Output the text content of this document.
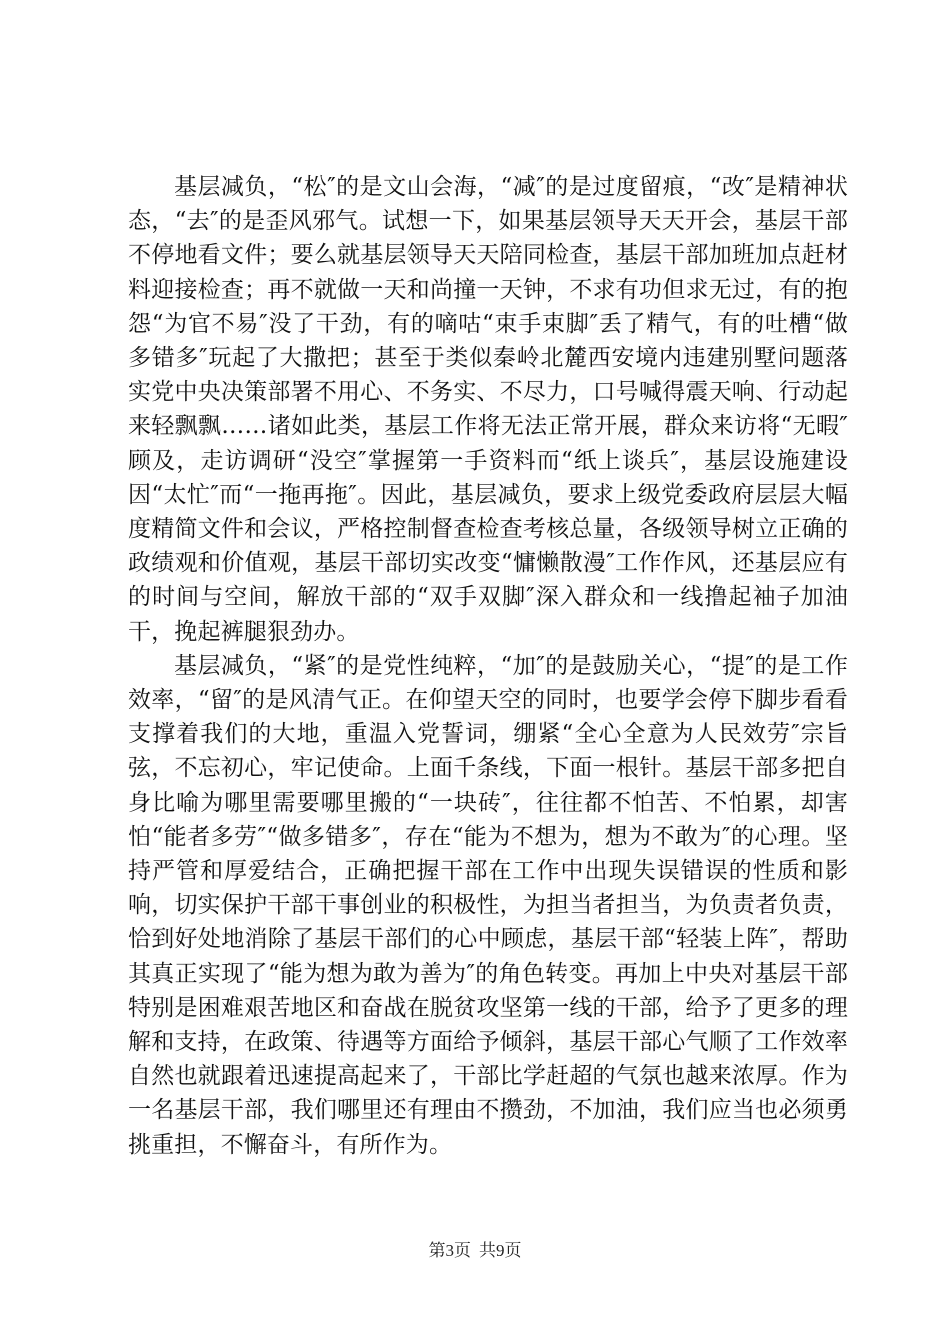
基层减负，“松″的是文山会海，“减″的是过度留痕，“改″是精神状态，“去″的是歪风邪气。试想一下，如果基层领导天天开会，基层干部不停地看文件；要么就基层领导天天陪同检查，基层干部加班加点赶材料迎接检查；再不就做一天和尚撞一天钟，不求有功但求无过，有的抱怨“为官不易″没了干劲，有的嘀咕“束手束脚″丢了精气，有的吐槽“做多错多″玩起了大撒把；甚至于类似秦岭北麓西安境内违建别墅问题落实党中央决策部署不用心、不务实、不尽力，口号喊得震天响、行动起来轻飘飘……诸如此类，基层工作将无法正常开展，群众来访将“无暇″顾及，走访调研“没空″掌握第一手资料而“纸上谈兵″，基层设施建设因“太忙″而“一拖再拖″。因此，基层减负，要求上级党委政府层层大幅度精简文件和会议，严格控制督查检查考核总量，各级领导树立正确的政绩观和价值观，基层干部切实改变“慵懒散漫″工作作风，还基层应有的时间与空间，解放干部的“双手双脚″深入群众和一线撸起袖子加油干，挽起裤腿狠劲办。

基层减负，“紧″的是党性纯粹，“加″的是鼓励关心，“提″的是工作效率，“留″的是风清气正。在仰望天空的同时，也要学会停下脚步看看支撑着我们的大地，重温入党誓词，绷紧“全心全意为人民效劳″宗旨弦，不忘初心，牢记使命。上面千条线，下面一根针。基层干部多把自身比喻为哪里需要哪里搬的“一块砖″，往往都不怕苦、不怕累，却害怕“能者多劳″“做多错多″，存在“能为不想为，想为不敢为″的心理。坚持严管和厚爱结合，正确把握干部在工作中出现失误错误的性质和影响，切实保护干部干事创业的积极性，为担当者担当，为负责者负责，恰到好处地消除了基层干部们的心中顾虑，基层干部“轻装上阵″，帮助其真正实现了“能为想为敢为善为″的角色转变。再加上中央对基层干部特别是困难艰苦地区和奋战在脱贫攻坚第一线的干部，给予了更多的理解和支持，在政策、待遇等方面给予倾斜，基层干部心气顺了工作效率自然也就跟着迅速提高起来了，干部比学赶超的气氛也越来浓厚。作为一名基层干部，我们哪里还有理由不攒劲，不加油，我们应当也必须勇挑重担，不懈奋斗，有所作为。

第3页 共9页
